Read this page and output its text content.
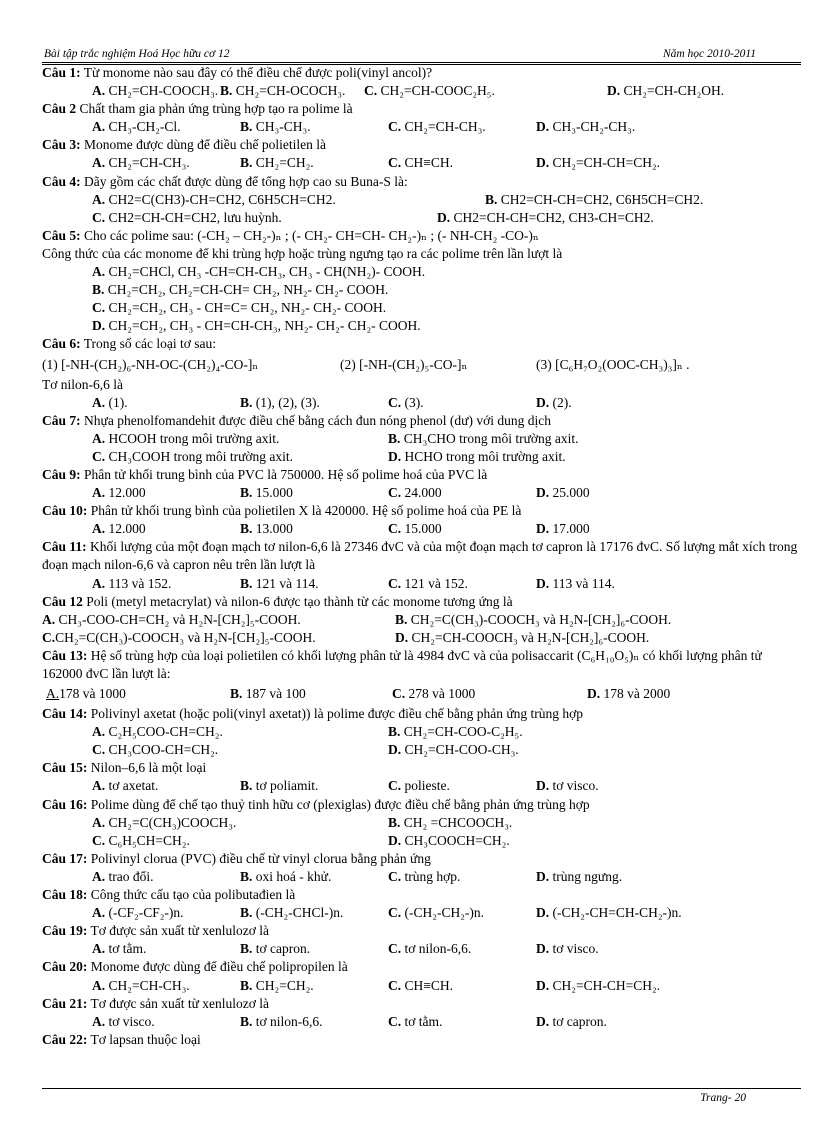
Bài tập trắc nghiệm Hoá Học hữu cơ 12	Năm học 2010-2011
Câu 1: Từ monome nào sau đây có thể điều chế được poli(vinyl ancol)?
A. CH₂=CH-COOCH₃. B. CH₂=CH-OCOCH₃. C. CH₂=CH-COOC₂H₅.	D. CH₂=CH-CH₂OH.
Câu 2 Chất tham gia phản ứng trùng hợp tạo ra polime là
A. CH₃-CH₂-Cl.	B. CH₃-CH₃.	C. CH₂=CH-CH₃.	D. CH₃-CH₂-CH₃.
Câu 3: Monome được dùng để điều chế polietilen là
A. CH₂=CH-CH₃.	B. CH₂=CH₂.	C. CH≡CH.	D. CH₂=CH-CH=CH₂.
Câu 4: Dãy gồm các chất được dùng để tổng hợp cao su Buna-S là:
A. CH2=C(CH3)-CH=CH2, C6H5CH=CH2.	B. CH2=CH-CH=CH2, C6H5CH=CH2.
C. CH2=CH-CH=CH2, lưu huỳnh.	D. CH2=CH-CH=CH2, CH3-CH=CH2.
Câu 5: Cho các polime sau: (-CH₂ – CH₂-)ₙ ; (- CH₂- CH=CH- CH₂-)ₙ ; (- NH-CH₂ -CO-)ₙ
Công thức của các monome để khi trùng hợp hoặc trùng ngưng tạo ra các polime trên lần lượt là
A. CH₂=CHCl, CH₃ -CH=CH-CH₃, CH₃ - CH(NH₂)- COOH.
B. CH₂=CH₂, CH₂=CH-CH= CH₂, NH₂- CH₂- COOH.
C. CH₂=CH₂, CH₃ - CH=C= CH₂, NH₂- CH₂- COOH.
D. CH₂=CH₂, CH₃ - CH=CH-CH₃, NH₂- CH₂- CH₂- COOH.
Câu 6: Trong số các loại tơ sau:
(1) [-NH-(CH₂)₆-NH-OC-(CH₂)₄-CO-]ₙ	(2) [-NH-(CH₂)₅-CO-]ₙ	(3) [C₆H₇O₂(OOC-CH₃)₃]ₙ .
Tơ nilon-6,6 là
A. (1).	B. (1), (2), (3).	C. (3).	D. (2).
Câu 7: Nhựa phenolfomandehit được điều chế bằng cách đun nóng phenol (dư) với dung dịch
A. HCOOH trong môi trường axit.	B. CH₃CHO trong môi trường axit.
C. CH₃COOH trong môi trường axit.	D. HCHO trong môi trường axit.
Câu 9: Phân tử khối trung bình của PVC là 750000. Hệ số polime hoá của PVC là
A. 12.000	B. 15.000	C. 24.000	D. 25.000
Câu 10: Phân tử khối trung bình của polietilen X là 420000. Hệ số polime hoá của PE là
A. 12.000	B. 13.000	C. 15.000	D. 17.000
Câu 11: Khối lượng của một đoạn mạch tơ nilon-6,6 là 27346 đvC và của một đoạn mạch tơ capron là 17176 đvC. Số lượng mắt xích trong đoạn mạch nilon-6,6 và capron nêu trên lần lượt là
A. 113 và 152.	B. 121 và 114.	C. 121 và 152.	D. 113 và 114.
Câu 12 Poli (metyl metacrylat) và nilon-6 được tạo thành từ các monome tương ứng là
A. CH₃-COO-CH=CH₂ và H₂N-[CH₂]₅-COOH.	B. CH₂=C(CH₃)-COOCH₃ và H₂N-[CH₂]₆-COOH.
C.CH₂=C(CH₃)-COOCH₃ và H₂N-[CH₂]₅-COOH.	D. CH₂=CH-COOCH₃ và H₂N-[CH₂]₆-COOH.
Câu 13: Hệ số trùng hợp của loại polietilen có khối lượng phân tử là 4984 đvC và của polisaccarit (C₆H₁₀O₅)ₙ có khối lượng phân tử 162000 đvC lần lượt là:
A.178 và 1000	B. 187 và 100	C. 278 và 1000	D. 178 và 2000
Câu 14: Polivinyl axetat (hoặc poli(vinyl axetat)) là polime được điều chế bằng phản ứng trùng hợp
A. C₂H₅COO-CH=CH₂.	B. CH₂=CH-COO-C₂H₅.
C. CH₃COO-CH=CH₂.	D. CH₂=CH-COO-CH₃.
Câu 15: Nilon–6,6 là một loại
A. tơ axetat.	B. tơ poliamit.	C. polieste.	D. tơ visco.
Câu 16: Polime dùng để chế tạo thuỷ tinh hữu cơ (plexiglas) được điều chế bằng phản ứng trùng hợp
A. CH₂=C(CH₃)COOCH₃.	B. CH₂ =CHCOOCH₃.
C. C₆H₅CH=CH₂.	D. CH₃COOCH=CH₂.
Câu 17: Polivinyl clorua (PVC) điều chế từ vinyl clorua bằng phản ứng
A. trao đổi.	B. oxi hoá - khử.	C. trùng hợp.	D. trùng ngưng.
Câu 18: Công thức cấu tạo của polibutađien là
A. (-CF₂-CF₂-)n.	B. (-CH₂-CHCl-)n.	C. (-CH₂-CH₂-)n.	D. (-CH₂-CH=CH-CH₂-)n.
Câu 19: Tơ được sản xuất từ xenlulozơ là
A. tơ tằm.	B. tơ capron.	C. tơ nilon-6,6.	D. tơ visco.
Câu 20: Monome được dùng để điều chế polipropilen là
A. CH₂=CH-CH₃.	B. CH₂=CH₂.	C. CH≡CH.	D. CH₂=CH-CH=CH₂.
Câu 21: Tơ được sản xuất từ xenlulozơ là
A. tơ visco.	B. tơ nilon-6,6.	C. tơ tằm.	D. tơ capron.
Câu 22: Tơ lapsan thuộc loại
Trang- 20
